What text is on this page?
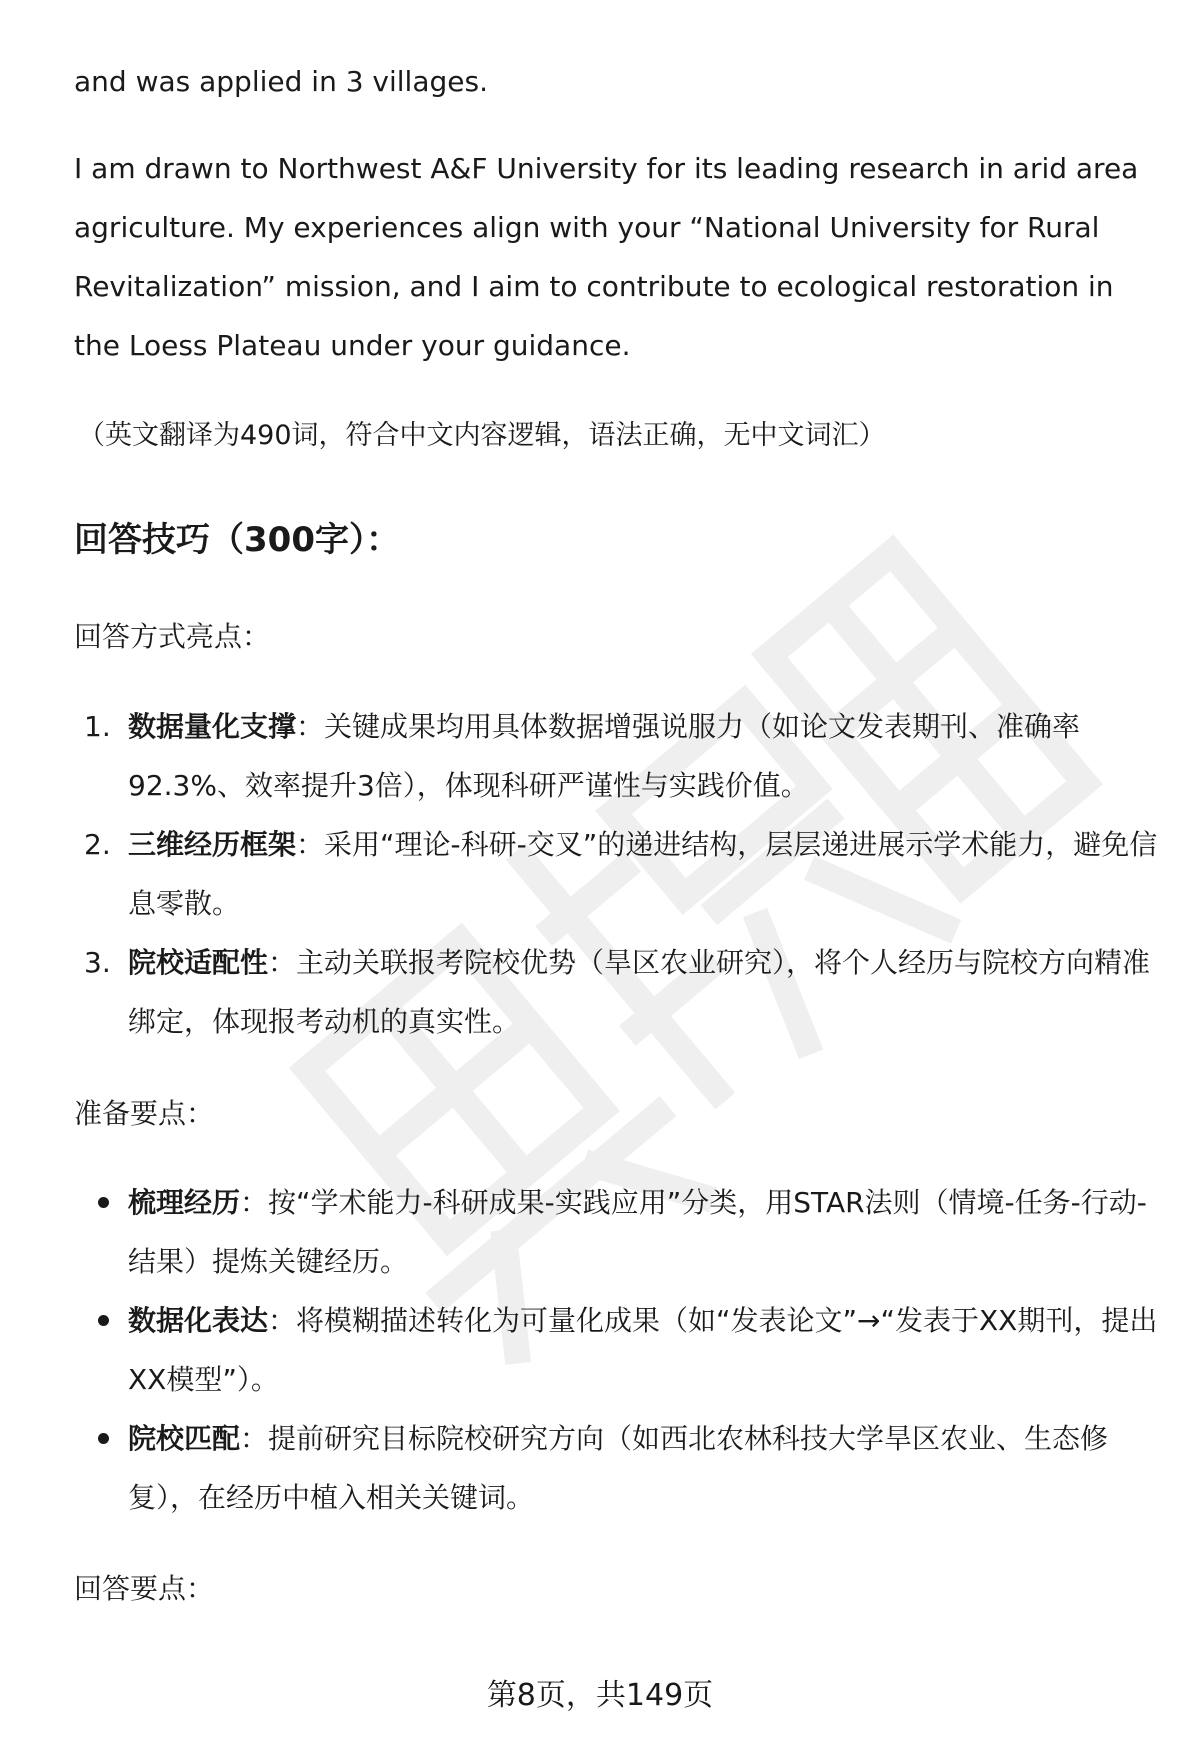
and was applied in 3 villages.

I am drawn to Northwest A&F University for its leading research in arid area agriculture. My experiences align with your “National University for Rural Revitalization” mission, and I aim to contribute to ecological restoration in the Loess Plateau under your guidance.

（英文翻译为490词，符合中文内容逻辑，语法正确，无中文词汇）

回答技巧（300字）：

回答方式亮点：

1. 数据量化支撑：关键成果均用具体数据增强说服力（如论文发表期刊、准确率92.3%、效率提升3倍），体现科研严谨性与实践价值。
2. 三维经历框架：采用“理论-科研-交叉”的递进结构，层层递进展示学术能力，避免信息零散。
3. 院校适配性：主动关联报考院校优势（旱区农业研究），将个人经历与院校方向精准绑定，体现报考动机的真实性。

准备要点：

梳理经历：按“学术能力-科研成果-实践应用”分类，用STAR法则（情境-任务-行动-结果）提炼关键经历。
数据化表达：将模糊描述转化为可量化成果（如“发表论文”→“发表于XX期刊，提出XX模型”）。
院校匹配：提前研究目标院校研究方向（如西北农林科技大学旱区农业、生态修复），在经历中植入相关关键词。

回答要点：

第8页，共149页
